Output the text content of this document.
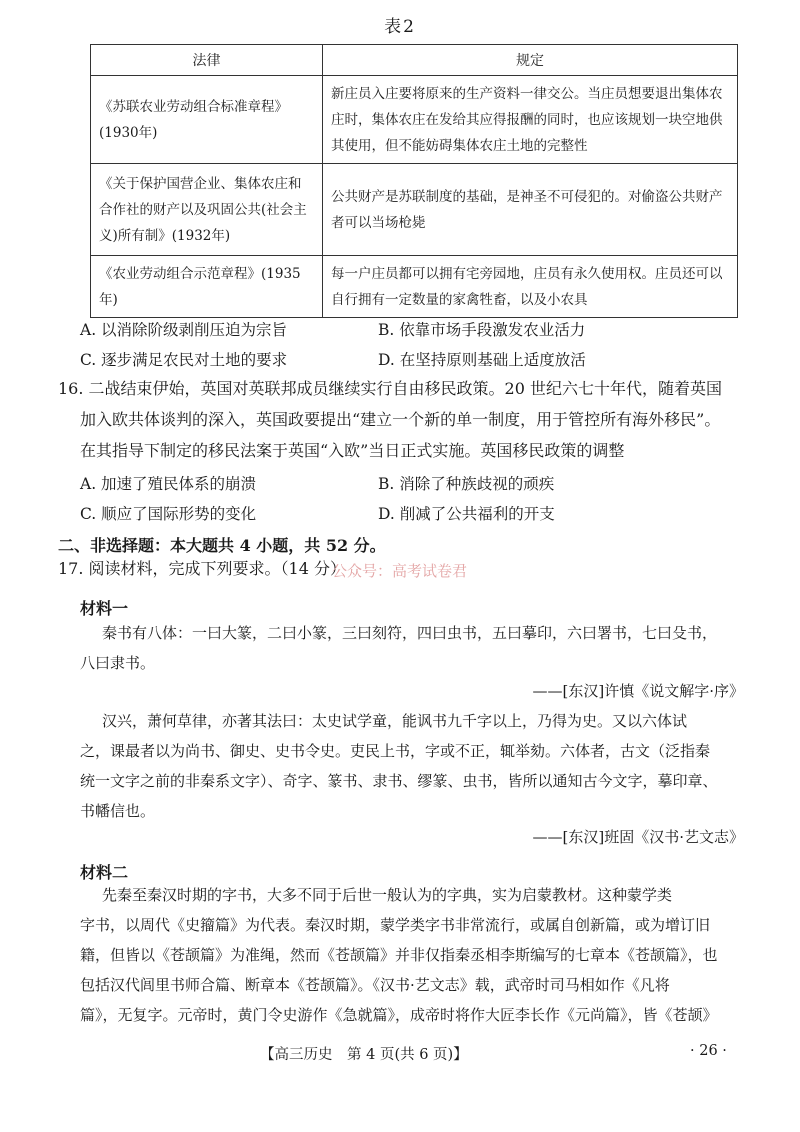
表2
法律	规定
《苏联农业劳动组合标准章程》(1930年)	新庄员入庄要将原来的生产资料一律交公。当庄员想要退出集体农庄时，集体农庄在发给其应得报酬的同时，也应该规划一块空地供其使用，但不能妨碍集体农庄土地的完整性
《关于保护国营企业、集体农庄和合作社的财产以及巩固公共(社会主义)所有制》(1932年)	公共财产是苏联制度的基础，是神圣不可侵犯的。对偷盗公共财产者可以当场枪毙
《农业劳动组合示范章程》(1935年)	每一户庄员都可以拥有宅旁园地，庄员有永久使用权。庄员还可以自行拥有一定数量的家禽牲畜，以及小农具
A. 以消除阶级剥削压迫为宗旨	B. 依靠市场手段激发农业活力
C. 逐步满足农民对土地的要求	D. 在坚持原则基础上适度放活
16. 二战结束伊始，英国对英联邦成员继续实行自由移民政策。20 世纪六七十年代，随着英国
加入欧共体谈判的深入，英国政要提出“建立一个新的单一制度，用于管控所有海外移民”。
在其指导下制定的移民法案于英国“入欧”当日正式实施。英国移民政策的调整
A. 加速了殖民体系的崩溃	B. 消除了种族歧视的顽疾
C. 顺应了国际形势的变化	D. 削减了公共福利的开支
二、非选择题：本大题共 4 小题，共 52 分。
17. 阅读材料，完成下列要求。（14 分）
公众号：高考试卷君
材料一
秦书有八体：一曰大篆，二曰小篆，三曰刻符，四曰虫书，五曰摹印，六曰署书，七曰殳书，
八曰隶书。
——[东汉]许慎《说文解字·序》
汉兴，萧何草律，亦著其法曰：太史试学童，能讽书九千字以上，乃得为史。又以六体试
之，课最者以为尚书、御史、史书令史。吏民上书，字或不正，辄举劾。六体者，古文（泛指秦
统一文字之前的非秦系文字）、奇字、篆书、隶书、缪篆、虫书，皆所以通知古今文字，摹印章、
书幡信也。
——[东汉]班固《汉书·艺文志》
材料二
先秦至秦汉时期的字书，大多不同于后世一般认为的字典，实为启蒙教材。这种蒙学类
字书，以周代《史籀篇》为代表。秦汉时期，蒙学类字书非常流行，或属自创新篇，或为增订旧
籍，但皆以《苍颉篇》为准绳，然而《苍颉篇》并非仅指秦丞相李斯编写的七章本《苍颉篇》，也
包括汉代闾里书师合篇、断章本《苍颉篇》。《汉书·艺文志》载，武帝时司马相如作《凡将
篇》，无复字。元帝时，黄门令史游作《急就篇》，成帝时将作大匠李长作《元尚篇》，皆《苍颉》
【高三历史　第 4 页(共 6 页)】	· 26 ·
